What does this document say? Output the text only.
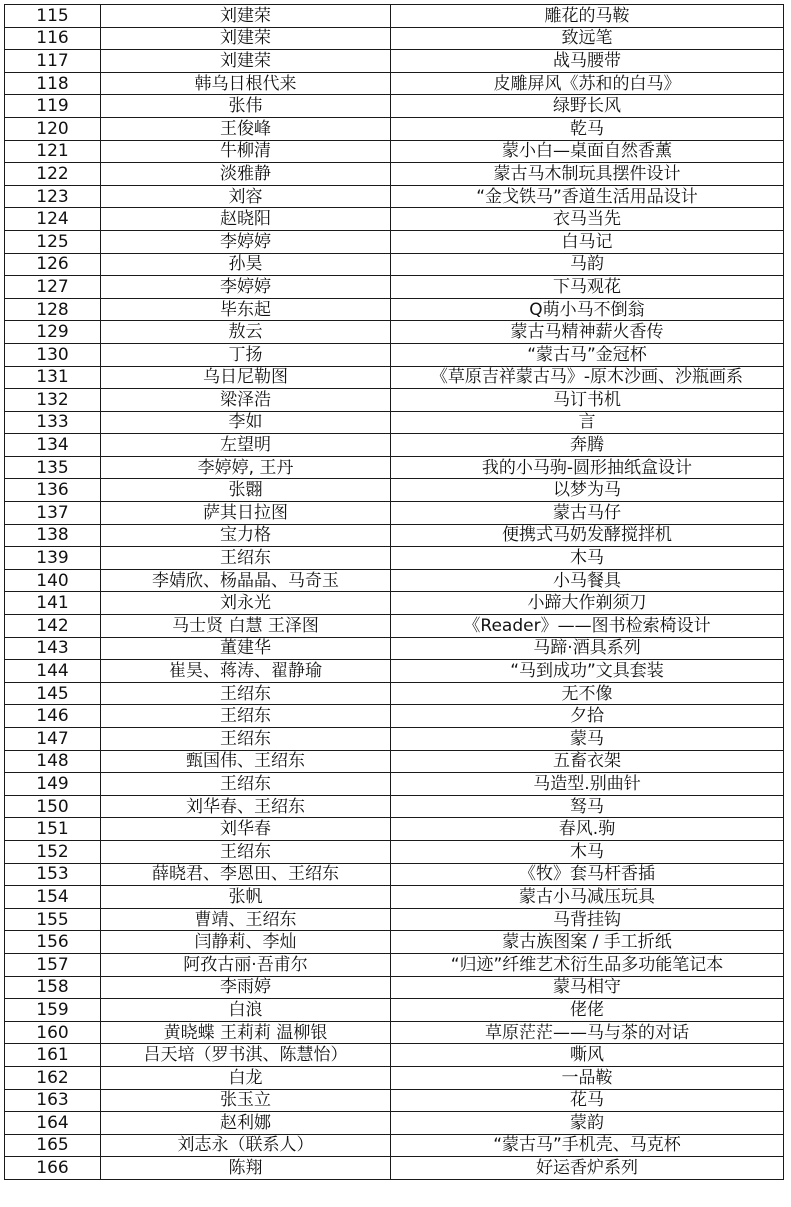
115	刘建荣	雕花的马鞍
116	刘建荣	致远笔
117	刘建荣	战马腰带
118	韩乌日根代来	皮雕屏风《苏和的白马》
119	张伟	绿野长风
120	王俊峰	乾马
121	牛柳清	蒙小白—桌面自然香薰
122	淡雅静	蒙古马木制玩具摆件设计
123	刘容	“金戈铁马”香道生活用品设计
124	赵晓阳	衣马当先
125	李婷婷	白马记
126	孙昊	马韵
127	李婷婷	下马观花
128	毕东起	Q萌小马不倒翁
129	敖云	蒙古马精神薪火香传
130	丁扬	“蒙古马”金冠杯
131	乌日尼勒图	《草原吉祥蒙古马》-原木沙画、沙瓶画系
132	梁泽浩	马订书机
133	李如	言
134	左望明	奔腾
135	李婷婷, 王丹	我的小马驹-圆形抽纸盒设计
136	张翾	以梦为马
137	萨其日拉图	蒙古马仔
138	宝力格	便携式马奶发酵搅拌机
139	王绍东	木马
140	李婧欣、杨晶晶、马奇玉	小马餐具
141	刘永光	小蹄大作剃须刀
142	马士贤 白慧 王泽图	《Reader》——图书检索椅设计
143	董建华	马蹄·酒具系列
144	崔昊、蒋涛、翟静瑜	“马到成功”文具套装
145	王绍东	无不像
146	王绍东	夕拾
147	王绍东	蒙马
148	甄国伟、王绍东	五畜衣架
149	王绍东	马造型.别曲针
150	刘华春、王绍东	驽马
151	刘华春	春风.驹
152	王绍东	木马
153	薛晓君、李恩田、王绍东	《牧》套马杆香插
154	张帆	蒙古小马减压玩具
155	曹靖、王绍东	马背挂钩
156	闫静莉、李灿	蒙古族图案 / 手工折纸
157	阿孜古丽·吾甫尔	“归迹”纤维艺术衍生品多功能笔记本
158	李雨婷	蒙马相守
159	白浪	佬佬
160	黄晓蝶 王莉莉 温柳银	草原茫茫——马与茶的对话
161	吕天培（罗书淇、陈慧怡）	嘶风
162	白龙	一品鞍
163	张玉立	花马
164	赵利娜	蒙韵
165	刘志永（联系人）	“蒙古马”手机壳、马克杯
166	陈翔	好运香炉系列
